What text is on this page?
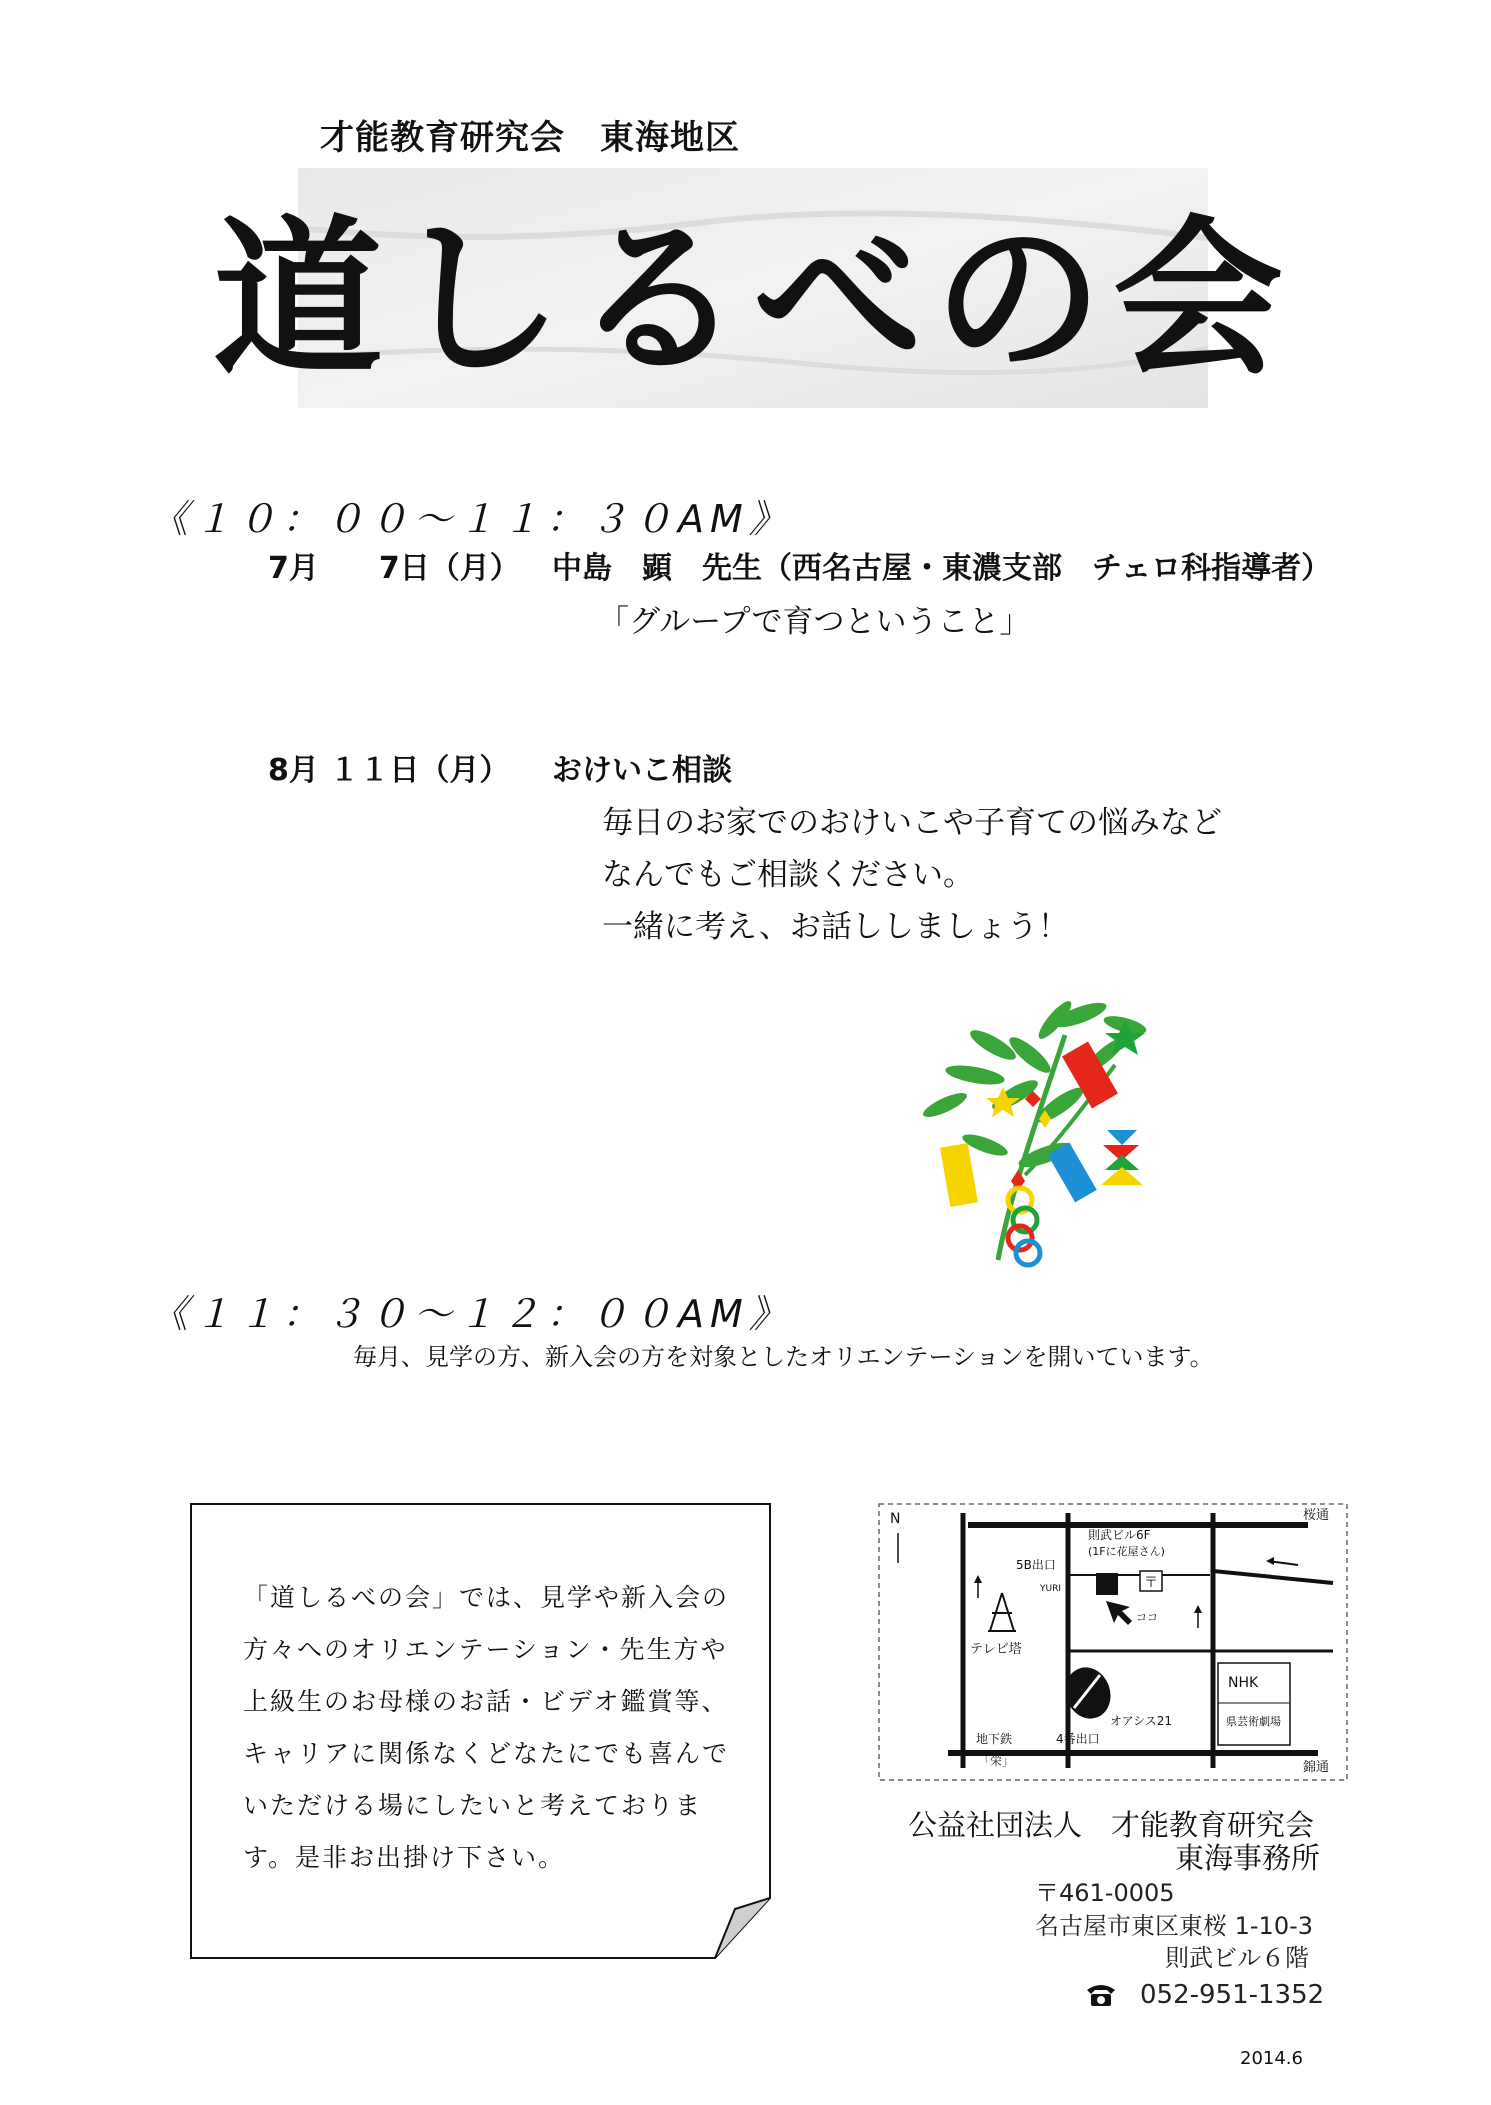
才能教育研究会　東海地区
道しるべの会
《１０：００～１１：３０AM》
7月　　7日（月） 中島　顕　先生（西名古屋・東濃支部　チェロ科指導者）
「グループで育つということ」
8月 １１日（月） おけいこ相談
毎日のお家でのおけいこや子育ての悩みなど
なんでもご相談ください。
一緒に考え、お話ししましょう！
《１１：３０～１２：００AM》
毎月、見学の方、新入会の方を対象としたオリエンテーションを開いています。
「道しるべの会」では、見学や新入会の
方々へのオリエンテーション・先生方や
上級生のお母様のお話・ビデオ鑑賞等、
キャリアに関係なくどなたにでも喜んで
いただける場にしたいと考えておりま
す。是非お出掛け下さい。
〒
N	桜通
錦通
則武ビル6F
(1Fに花屋さん)
5B出口
YURI
ココ
テレビ塔
NHK
県芸術劇場
オアシス21
地下鉄
「栄」
4番出口
公益社団法人　才能教育研究会
東海事務所
〒461-0005
名古屋市東区東桜 1-10-3
則武ビル６階
052-951-1352
2014.6
